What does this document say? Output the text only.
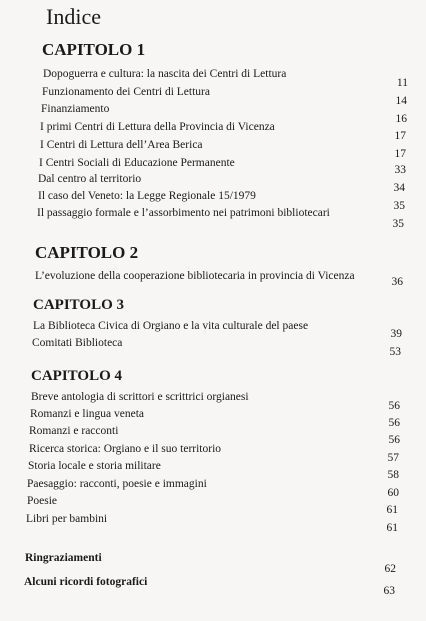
Indice
CAPITOLO 1
Dopoguerra e cultura: la nascita dei Centri di Lettura
Funzionamento dei Centri di Lettura
Finanziamento
I primi Centri di Lettura della Provincia di Vicenza
I Centri di Lettura dell’Area Berica
I Centri Sociali di Educazione Permanente
Dal centro al territorio
Il caso del Veneto: la Legge Regionale 15/1979
Il passaggio formale e l’assorbimento nei patrimoni bibliotecari
11
14
16
17
17
33
34
35
35
CAPITOLO 2
L’evoluzione della cooperazione bibliotecaria in provincia di Vicenza	36
CAPITOLO 3
La Biblioteca Civica di Orgiano e la vita culturale del paese
Comitati Biblioteca
39
53
CAPITOLO 4
Breve antologia di scrittori e scrittrici orgianesi
Romanzi e lingua veneta
Romanzi e racconti
Ricerca storica: Orgiano e il suo territorio
Storia locale e storia militare
Paesaggio: racconti, poesie e immagini
Poesie
Libri per bambini
56
56
56
57
58
60
61
61
Ringraziamenti
Alcuni ricordi fotografici
62
63
